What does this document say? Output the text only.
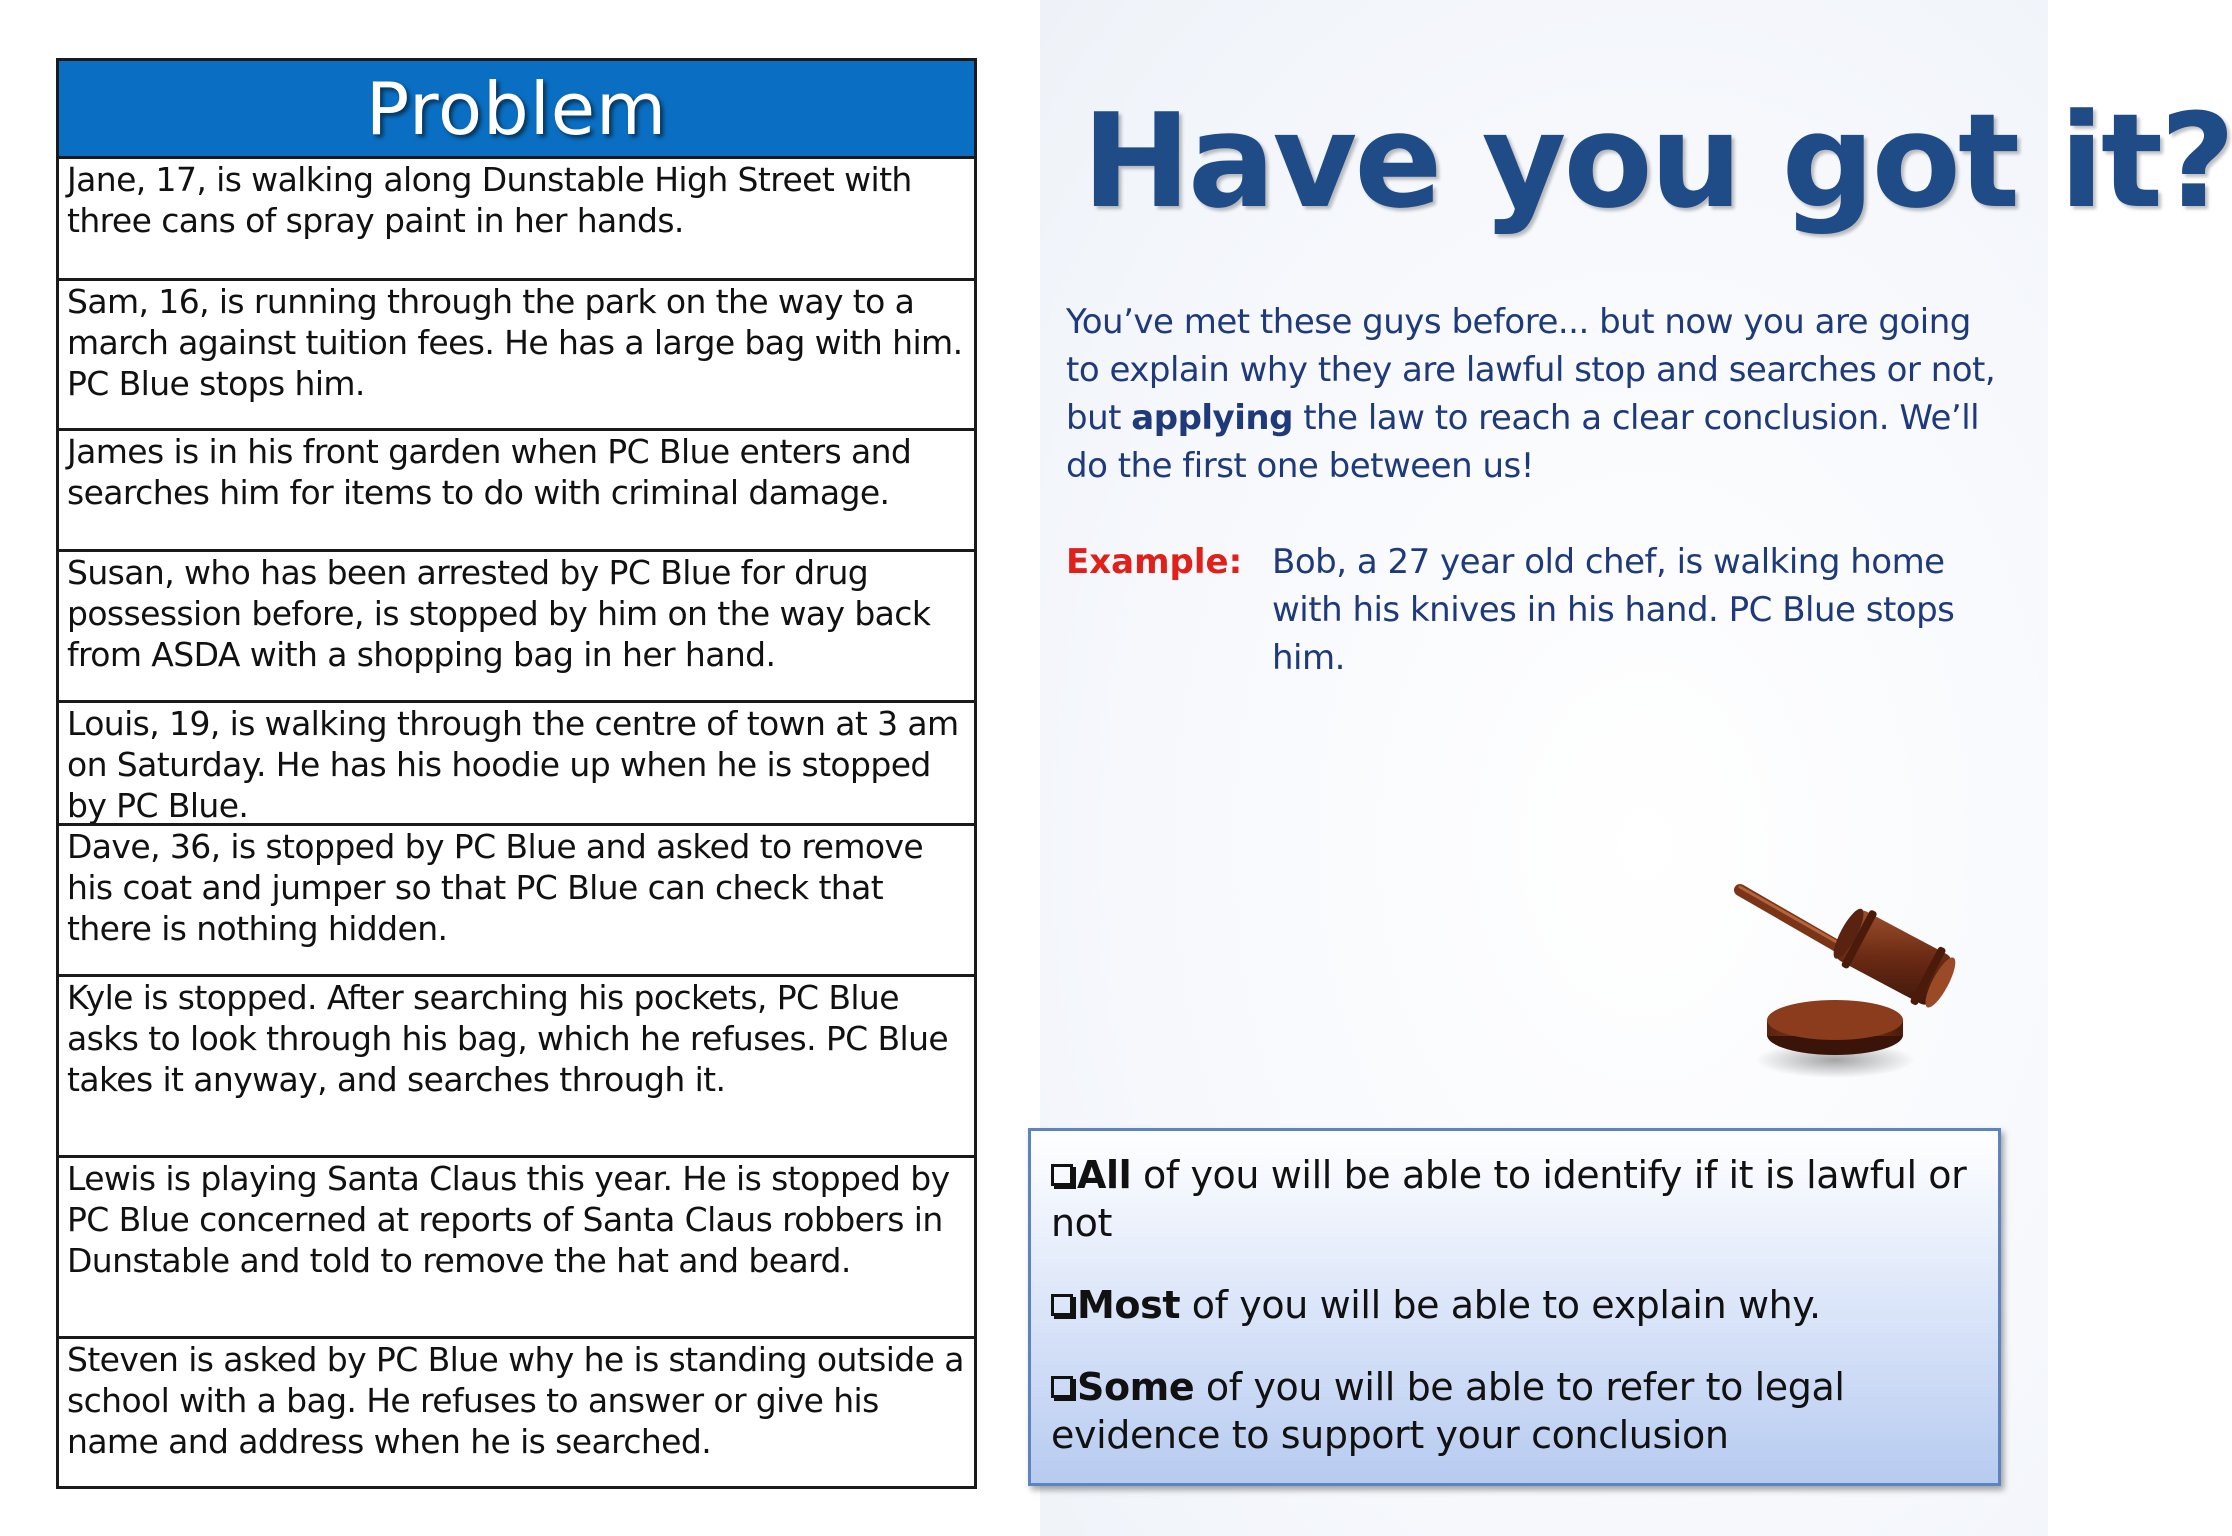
Problem
Jane, 17, is walking along Dunstable High Street with three cans of spray paint in her hands.
Sam, 16, is running through the park on the way to a march against tuition fees. He has a large bag with him. PC Blue stops him.
James is in his front garden when PC Blue enters and searches him for items to do with criminal damage.
Susan, who has been arrested by PC Blue for drug possession before, is stopped by him on the way back from ASDA with a shopping bag in her hand.
Louis, 19, is walking through the centre of town at 3 am on Saturday. He has his hoodie up when he is stopped by PC Blue.
Dave, 36, is stopped by PC Blue and asked to remove his coat and jumper so that PC Blue can check that there is nothing hidden.
Kyle is stopped. After searching his pockets, PC Blue asks to look through his bag, which he refuses. PC Blue takes it anyway, and searches through it.
Lewis is playing Santa Claus this year. He is stopped by PC Blue concerned at reports of Santa Claus robbers in Dunstable and told to remove the hat and beard.
Steven is asked by PC Blue why he is standing outside a school with a bag. He refuses to answer or give his name and address when he is searched.
Have you got it?
You’ve met these guys before... but now you are going to explain why they are lawful stop and searches or not, but applying the law to reach a clear conclusion. We’ll do the first one between us!
Example: Bob, a 27 year old chef, is walking home with his knives in his hand. PC Blue stops him.
All of you will be able to identify if it is lawful or not
Most of you will be able to explain why.
Some of you will be able to refer to legal evidence to support your conclusion
